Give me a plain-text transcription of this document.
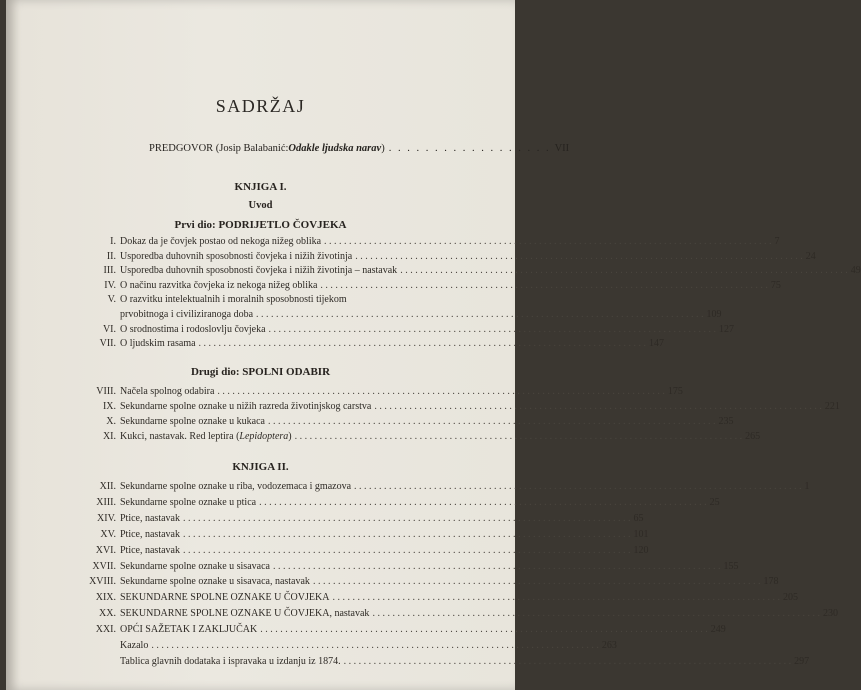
SADRŽAJ
PREDGOVOR (Josip Balabanić: Odakle ljudska narav ) . . . . . . . . . . . . . . . . . . VII
KNJIGA I.
Uvod
Prvi dio: PODRIJETLO ČOVJEKA
I. Dokaz da je čovjek postao od nekoga nižeg oblika . . .	7
II. Usporedba duhovnih sposobnosti čovjeka i nižih životinja . . .	24
III. Usporedba duhovnih sposobnosti čovjeka i nižih životinja – nastavak . . .	49
IV. O načinu razvitka čovjeka iz nekoga nižeg oblika . . .	75
V. O razvitku intelektualnih i moralnih sposobnosti tijekom
prvobitnoga i civiliziranoga doba . . .	109
VI. O srodnostima i rodoslovlju čovjeka . . .	127
VII. O ljudskim rasama . . .	147
Drugi dio: SPOLNI ODABIR
VIII. Načela spolnog odabira . . .	175
IX. Sekundarne spolne oznake u nižih razreda životinjskog carstva . . .	221
X. Sekundarne spolne oznake u kukaca . . .	235
XI. Kukci, nastavak. Red leptira (Lepidoptera) . . .	265
KNJIGA II.
XII. Sekundarne spolne oznake u riba, vodozemaca i gmazova . . .	1
XIII. Sekundarne spolne oznake u ptica . . .	25
XIV. Ptice, nastavak . . .	65
XV. Ptice, nastavak . . .	101
XVI. Ptice, nastavak . . .	120
XVII. Sekundarne spolne oznake u sisavaca . . .	155
XVIII. Sekundarne spolne oznake u sisavaca, nastavak . . .	178
XIX. SEKUNDARNE SPOLNE OZNAKE U ČOVJEKA . . .	205
XX. SEKUNDARNE SPOLNE OZNAKE U ČOVJEKA, nastavak . . .	230
XXI. OPĆI SAŽETAK I ZAKLJUČAK . . .	249
Kazalo . . .	263
Tablica glavnih dodataka i ispravaka u izdanju iz 1874. . . .	297
